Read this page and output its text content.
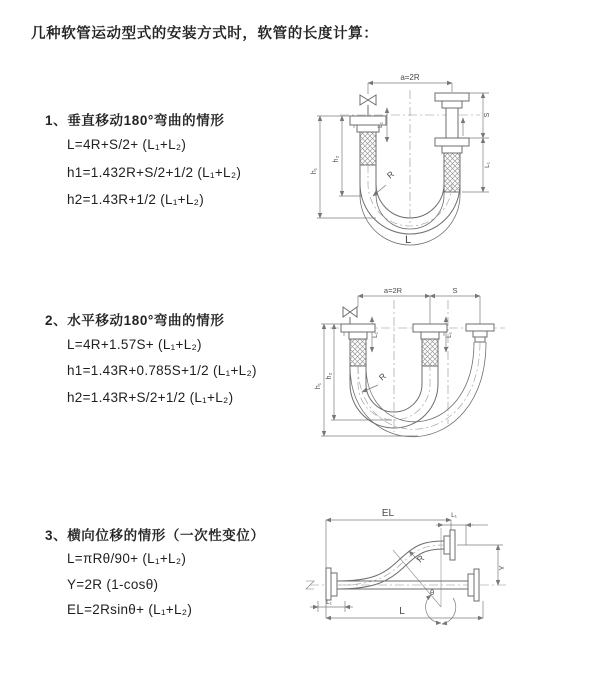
几种软管运动型式的安装方式时，软管的长度计算：
1、垂直移动180°弯曲的情形
L=4R+S/2+ (L₁+L₂)
h1=1.432R+S/2+1/2 (L₁+L₂)
h2=1.43R+1/2 (L₁+L₂)
2、水平移动180°弯曲的情形
L=4R+1.57S+ (L₁+L₂)
h1=1.43R+0.785S+1/2 (L₁+L₂)
h2=1.43R+S/2+1/2 (L₁+L₂)
3、横向位移的情形（一次性变位）
L=πRθ/90+ (L₁+L₂)
Y=2R (1-cosθ)
EL=2Rsinθ+ (L₁+L₂)
a=2R
h₁
h₂
L₁
S
L₁
R
L
a=2R	S
h₁
h₂
L₁	L₁
R
EL	L₁
Y
L₁
L
R
θ
